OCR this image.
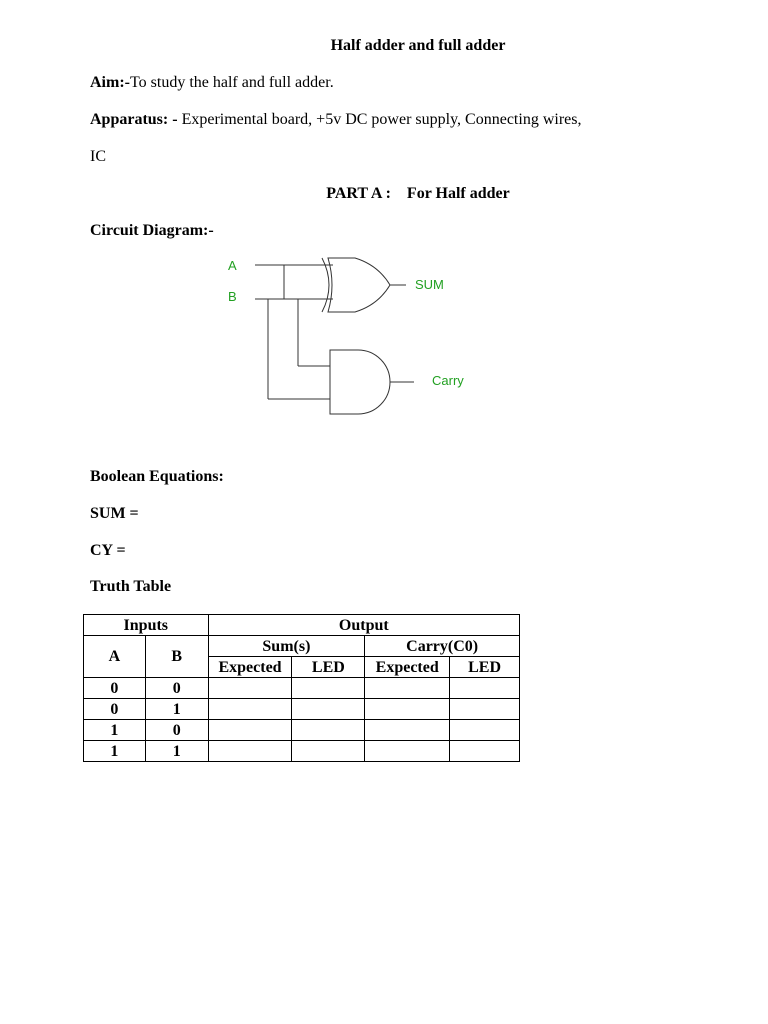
Half adder and full adder
Aim:-To study the half and full adder.
Apparatus: - Experimental board, +5v DC power supply, Connecting wires,
IC
PART A :    For Half adder
Circuit Diagram:-
A
B
SUM
Carry
Boolean Equations:
SUM =
CY =
Truth Table
Inputs		Output			
A	B	Sum(s)		Carry(C0)	
		Expected	LED	Expected	LED
0	0				
0	1				
1	0				
1	1				
